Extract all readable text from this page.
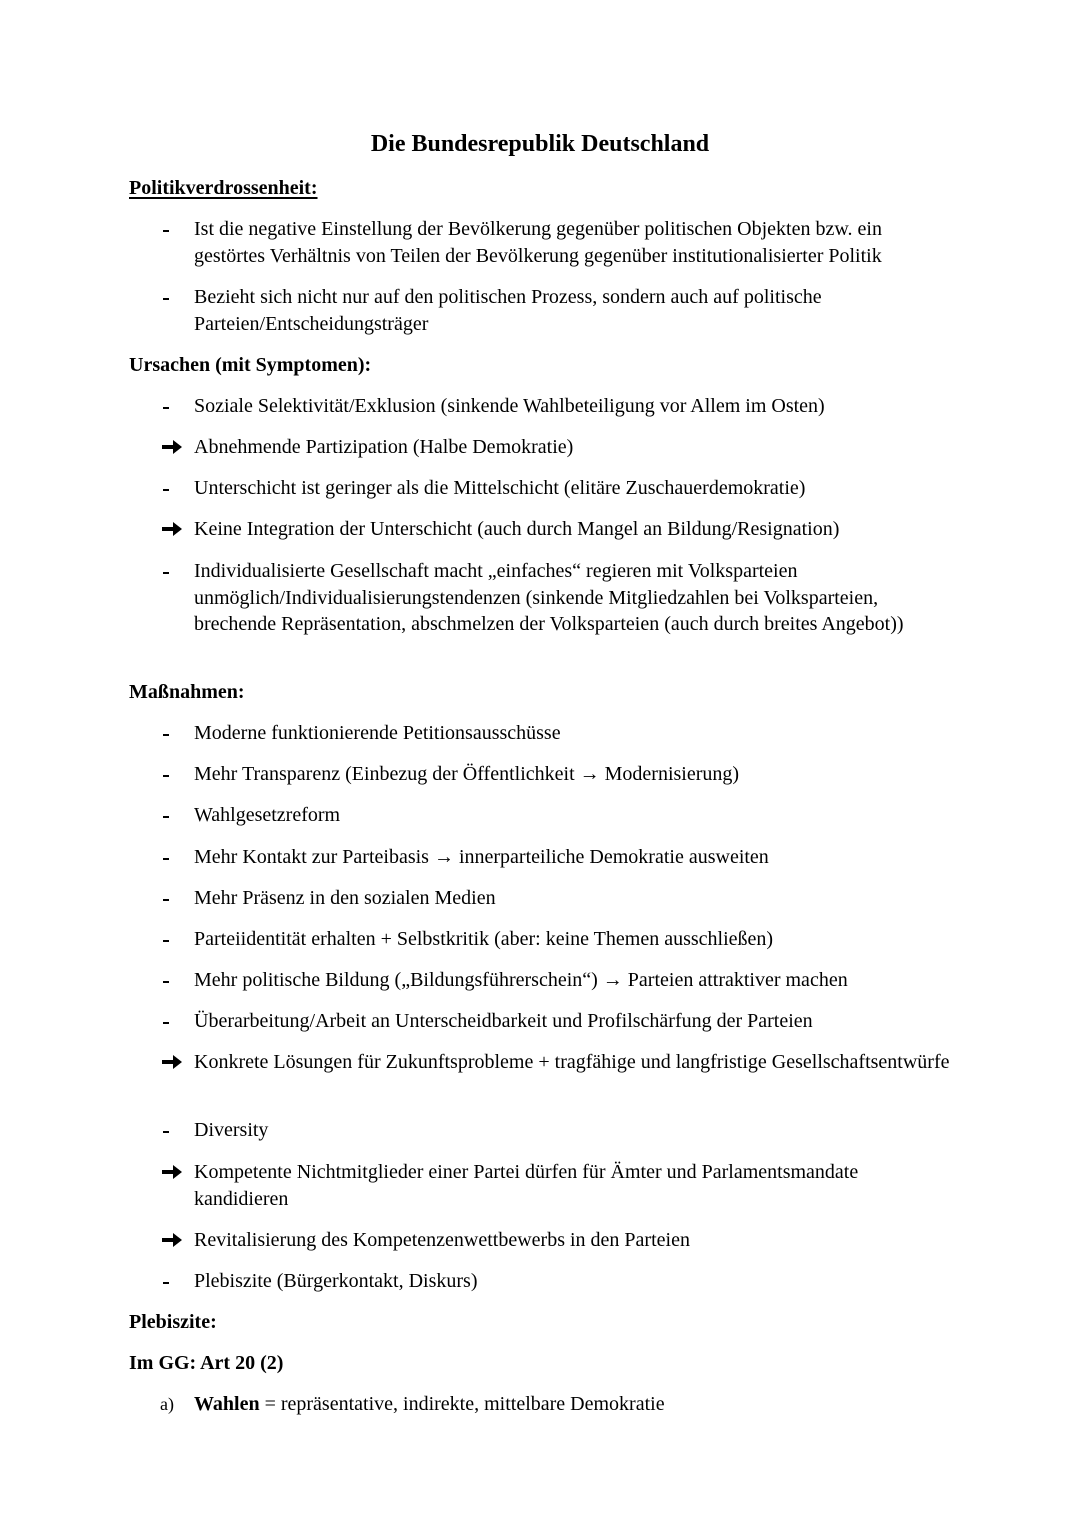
Die Bundesrepublik Deutschland
Politikverdrossenheit:
Ist die negative Einstellung der Bevölkerung gegenüber politischen Objekten bzw. ein gestörtes Verhältnis von Teilen der Bevölkerung gegenüber institutionalisierter Politik
Bezieht sich nicht nur auf den politischen Prozess, sondern auch auf politische Parteien/Entscheidungsträger
Ursachen (mit Symptomen):
Soziale Selektivität/Exklusion (sinkende Wahlbeteiligung vor Allem im Osten)
Abnehmende Partizipation (Halbe Demokratie)
Unterschicht ist geringer als die Mittelschicht (elitäre Zuschauerdemokratie)
Keine Integration der Unterschicht (auch durch Mangel an Bildung/Resignation)
Individualisierte Gesellschaft macht „einfaches“ regieren mit Volksparteien unmöglich/Individualisierungstendenzen (sinkende Mitgliedzahlen bei Volksparteien, brechende Repräsentation, abschmelzen der Volksparteien (auch durch breites Angebot))
Maßnahmen:
Moderne funktionierende Petitionsausschüsse
Mehr Transparenz (Einbezug der Öffentlichkeit → Modernisierung)
Wahlgesetzreform
Mehr Kontakt zur Parteibasis → innerparteiliche Demokratie ausweiten
Mehr Präsenz in den sozialen Medien
Parteiidentität erhalten + Selbstkritik (aber: keine Themen ausschließen)
Mehr politische Bildung („Bildungsführerschein“) → Parteien attraktiver machen
Überarbeitung/Arbeit an Unterscheidbarkeit und Profilschärfung der Parteien
Konkrete Lösungen für Zukunftsprobleme + tragfähige und langfristige Gesellschaftsentwürfe
Diversity
Kompetente Nichtmitglieder einer Partei dürfen für Ämter und Parlamentsmandate kandidieren
Revitalisierung des Kompetenzenwettbewerbs in den Parteien
Plebiszite (Bürgerkontakt, Diskurs)
Plebiszite:
Im GG: Art 20 (2)
a)	Wahlen = repräsentative, indirekte, mittelbare Demokratie
